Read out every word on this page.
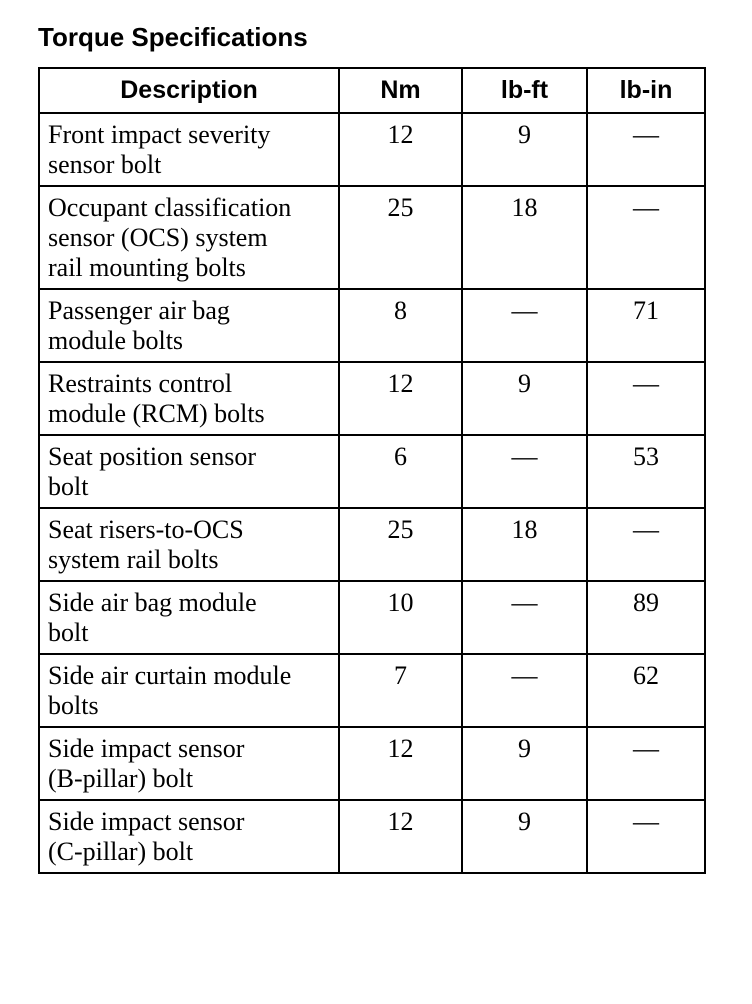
Torque Specifications
Description	Nm	lb-ft	lb-in
Front impact severity
sensor bolt	12	9	—
Occupant classification
sensor (OCS) system
rail mounting bolts	25	18	—
Passenger air bag
module bolts	8	—	71
Restraints control
module (RCM) bolts	12	9	—
Seat position sensor
bolt	6	—	53
Seat risers-to-OCS
system rail bolts	25	18	—
Side air bag module
bolt	10	—	89
Side air curtain module
bolts	7	—	62
Side impact sensor
(B-pillar) bolt	12	9	—
Side impact sensor
(C-pillar) bolt	12	9	—
